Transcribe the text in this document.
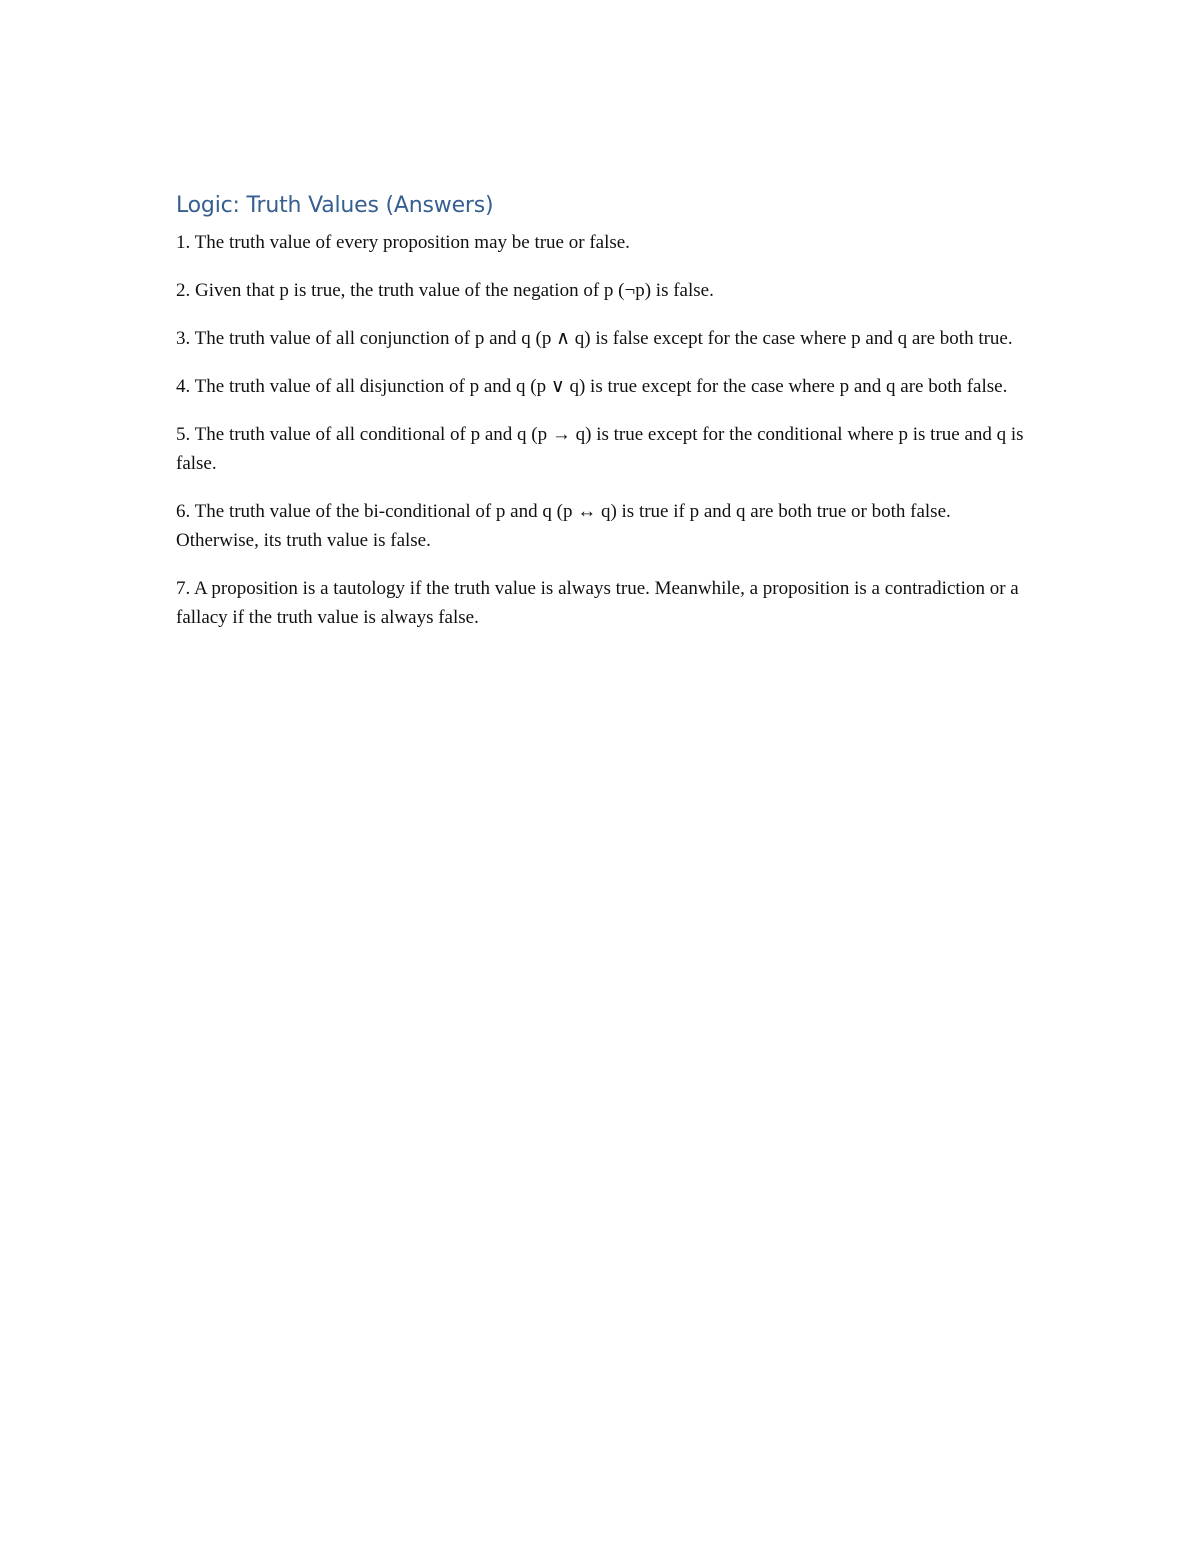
Logic: Truth Values (Answers)

1. The truth value of every proposition may be true or false.

2. Given that p is true, the truth value of the negation of p (¬p) is false.

3. The truth value of all conjunction of p and q (p ∧ q) is false except for the case where p and q are both true.

4. The truth value of all disjunction of p and q (p ∨ q) is true except for the case where p and q are both false.

5. The truth value of all conditional of p and q (p → q) is true except for the conditional where p is true and q is false.

6. The truth value of the bi-conditional of p and q (p ↔ q) is true if p and q are both true or both false. Otherwise, its truth value is false.

7. A proposition is a tautology if the truth value is always true. Meanwhile, a proposition is a contradiction or a fallacy if the truth value is always false.
